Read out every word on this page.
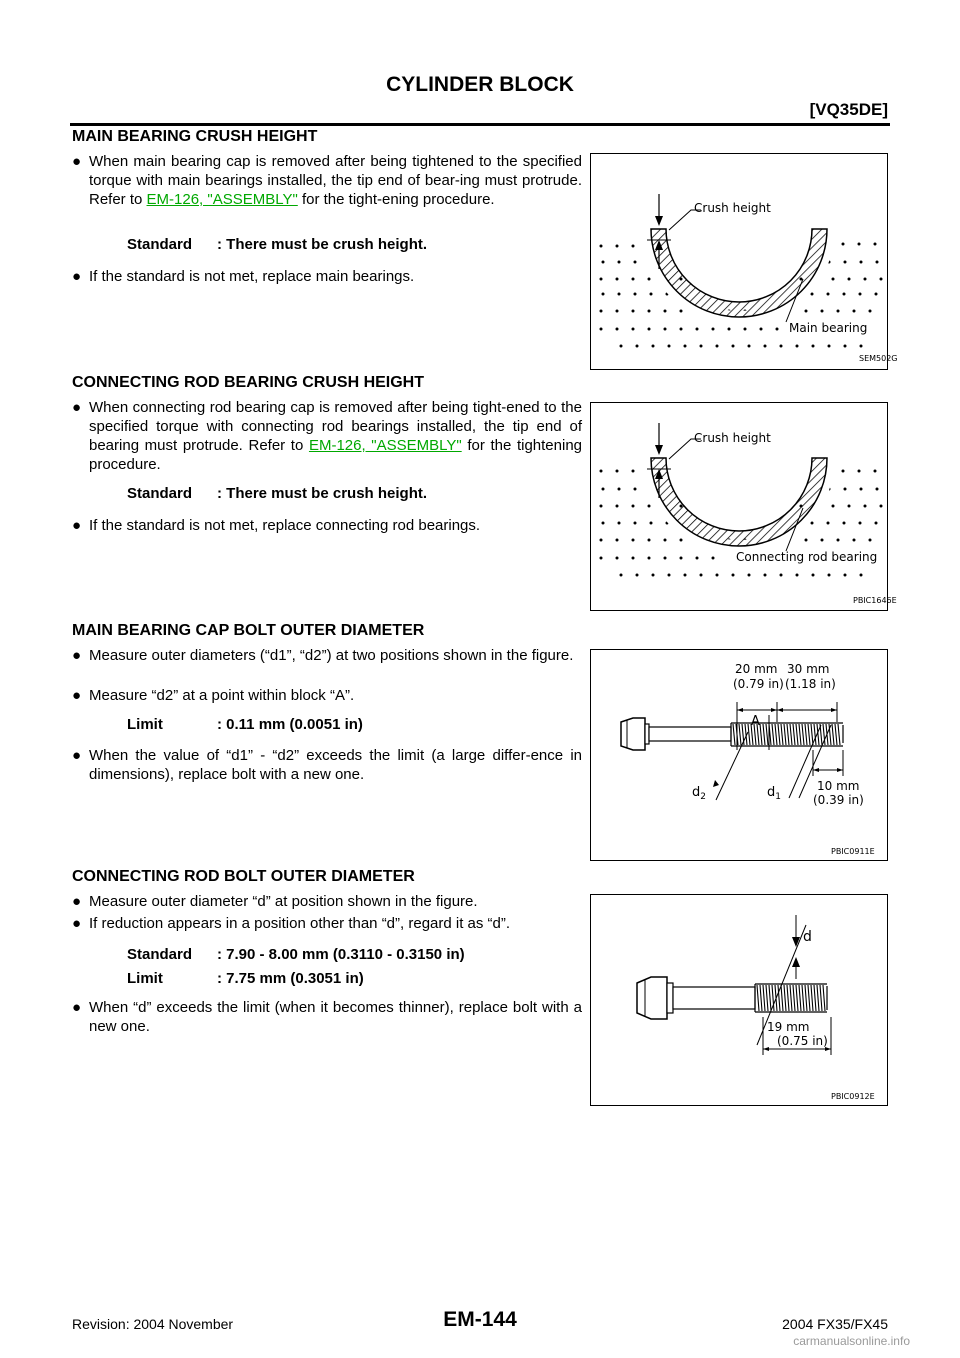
CYLINDER BLOCK
[VQ35DE]
MAIN BEARING CRUSH HEIGHT
● When main bearing cap is removed after being tightened to the specified torque with main bearings installed, the tip end of bear-ing must protrude. Refer to EM-126, "ASSEMBLY" for the tight-ening procedure.
Standard : There must be crush height.
● If the standard is not met, replace main bearings.
Crush height
Main bearing
SEM502G
CONNECTING ROD BEARING CRUSH HEIGHT
● When connecting rod bearing cap is removed after being tight-ened to the specified torque with connecting rod bearings installed, the tip end of bearing must protrude. Refer to EM-126, "ASSEMBLY" for the tightening procedure.
Standard : There must be crush height.
● If the standard is not met, replace connecting rod bearings.
Crush height
Connecting rod bearing
PBIC1646E
MAIN BEARING CAP BOLT OUTER DIAMETER
● Measure outer diameters (“d1”, “d2”) at two positions shown in the figure.
● Measure “d2” at a point within block “A”.
Limit	: 0.11 mm (0.0051 in)
● When the value of “d1” - “d2” exceeds the limit (a large differ-ence in dimensions), replace bolt with a new one.
20 mm
(0.79 in)
30 mm
(1.18 in)
A
$d_2$	$d_1$
10 mm
(0.39 in)
PBIC0911E
CONNECTING ROD BOLT OUTER DIAMETER
● Measure outer diameter “d” at position shown in the figure.
● If reduction appears in a position other than “d”, regard it as “d”.
Standard : 7.90 - 8.00 mm (0.3110 - 0.3150 in)
Limit	: 7.75 mm (0.3051 in)
● When “d” exceeds the limit (when it becomes thinner), replace bolt with a new one.
d
19 mm
(0.75 in)
PBIC0912E
Revision: 2004 November	EM-144	2004 FX35/FX45
carmanualsonline.info
